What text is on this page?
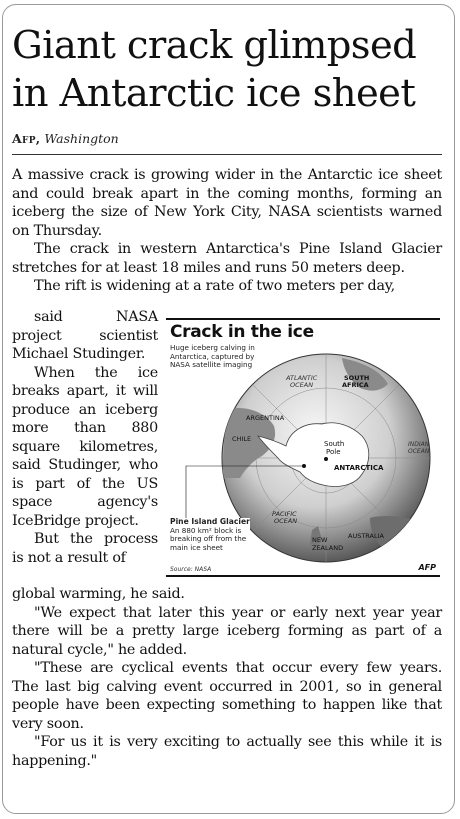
Giant crack glimpsed in Antarctic ice sheet
Afp, Washington

A massive crack is growing wider in the Antarctic ice sheet and could break apart in the coming months, forming an iceberg the size of New York City, NASA scientists warned on Thursday.

The crack in western Antarctica's Pine Island Glacier stretches for at least 18 miles and runs 50 meters deep.

The rift is widening at a rate of two meters per day,

said NASA project scientist Michael Studinger.

When the ice breaks apart, it will produce an iceberg more than 880 square kilometres, said Studinger, who is part of the US space agency's IceBridge project.

But the process is not a result of

global warming, he said.

"We expect that later this year or early next year year there will be a pretty large iceberg forming as part of a natural cycle," he added.

"These are cyclical events that occur every few years. The last big calving event occurred in 2001, so in general people have been expecting something to happen like that very soon.

"For us it is very exciting to actually see this while it is happening."

Crack in the ice
Huge iceberg calving in Antarctica, captured by NASA satellite imaging
ATLANTIC OCEAN
SOUTH AFRICA
ARGENTINA
CHILE
South Pole
ANTARCTICA
INDIAN OCEAN
PACIFIC OCEAN
NEW ZEALAND
AUSTRALIA
Pine Island Glacier
An 880 km² block is breaking off from the main ice sheet
Source: NASA	AFP
